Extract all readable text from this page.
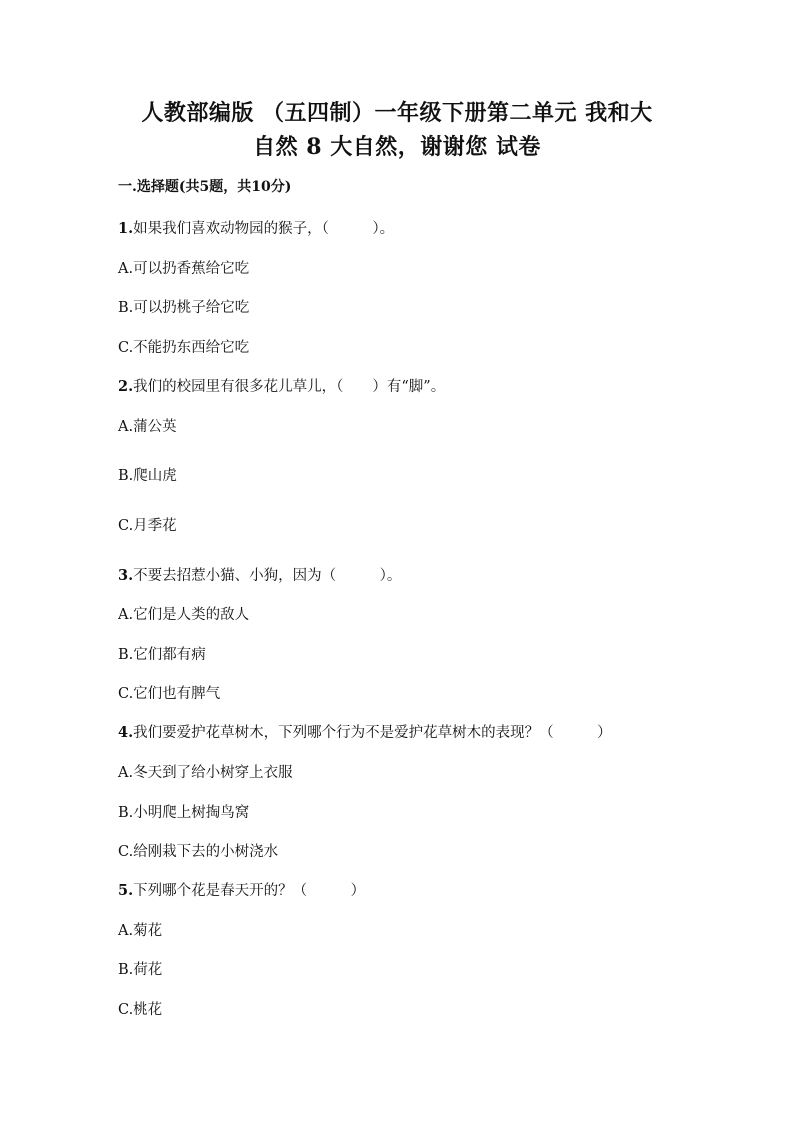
人教部编版 （五四制）一年级下册第二单元 我和大
自然 8 大自然，谢谢您 试卷
一.选择题(共5题，共10分)
1.如果我们喜欢动物园的猴子，（　　　）。
A.可以扔香蕉给它吃
B.可以扔桃子给它吃
C.不能扔东西给它吃
2.我们的校园里有很多花儿草儿，（　　）有“脚”。
A.蒲公英
B.爬山虎
C.月季花
3.不要去招惹小猫、小狗，因为（　　　）。
A.它们是人类的敌人
B.它们都有病
C.它们也有脾气
4.我们要爱护花草树木，下列哪个行为不是爱护花草树木的表现？（　　　）
A.冬天到了给小树穿上衣服
B.小明爬上树掏鸟窝
C.给刚栽下去的小树浇水
5.下列哪个花是春天开的？（　　　）
A.菊花
B.荷花
C.桃花
